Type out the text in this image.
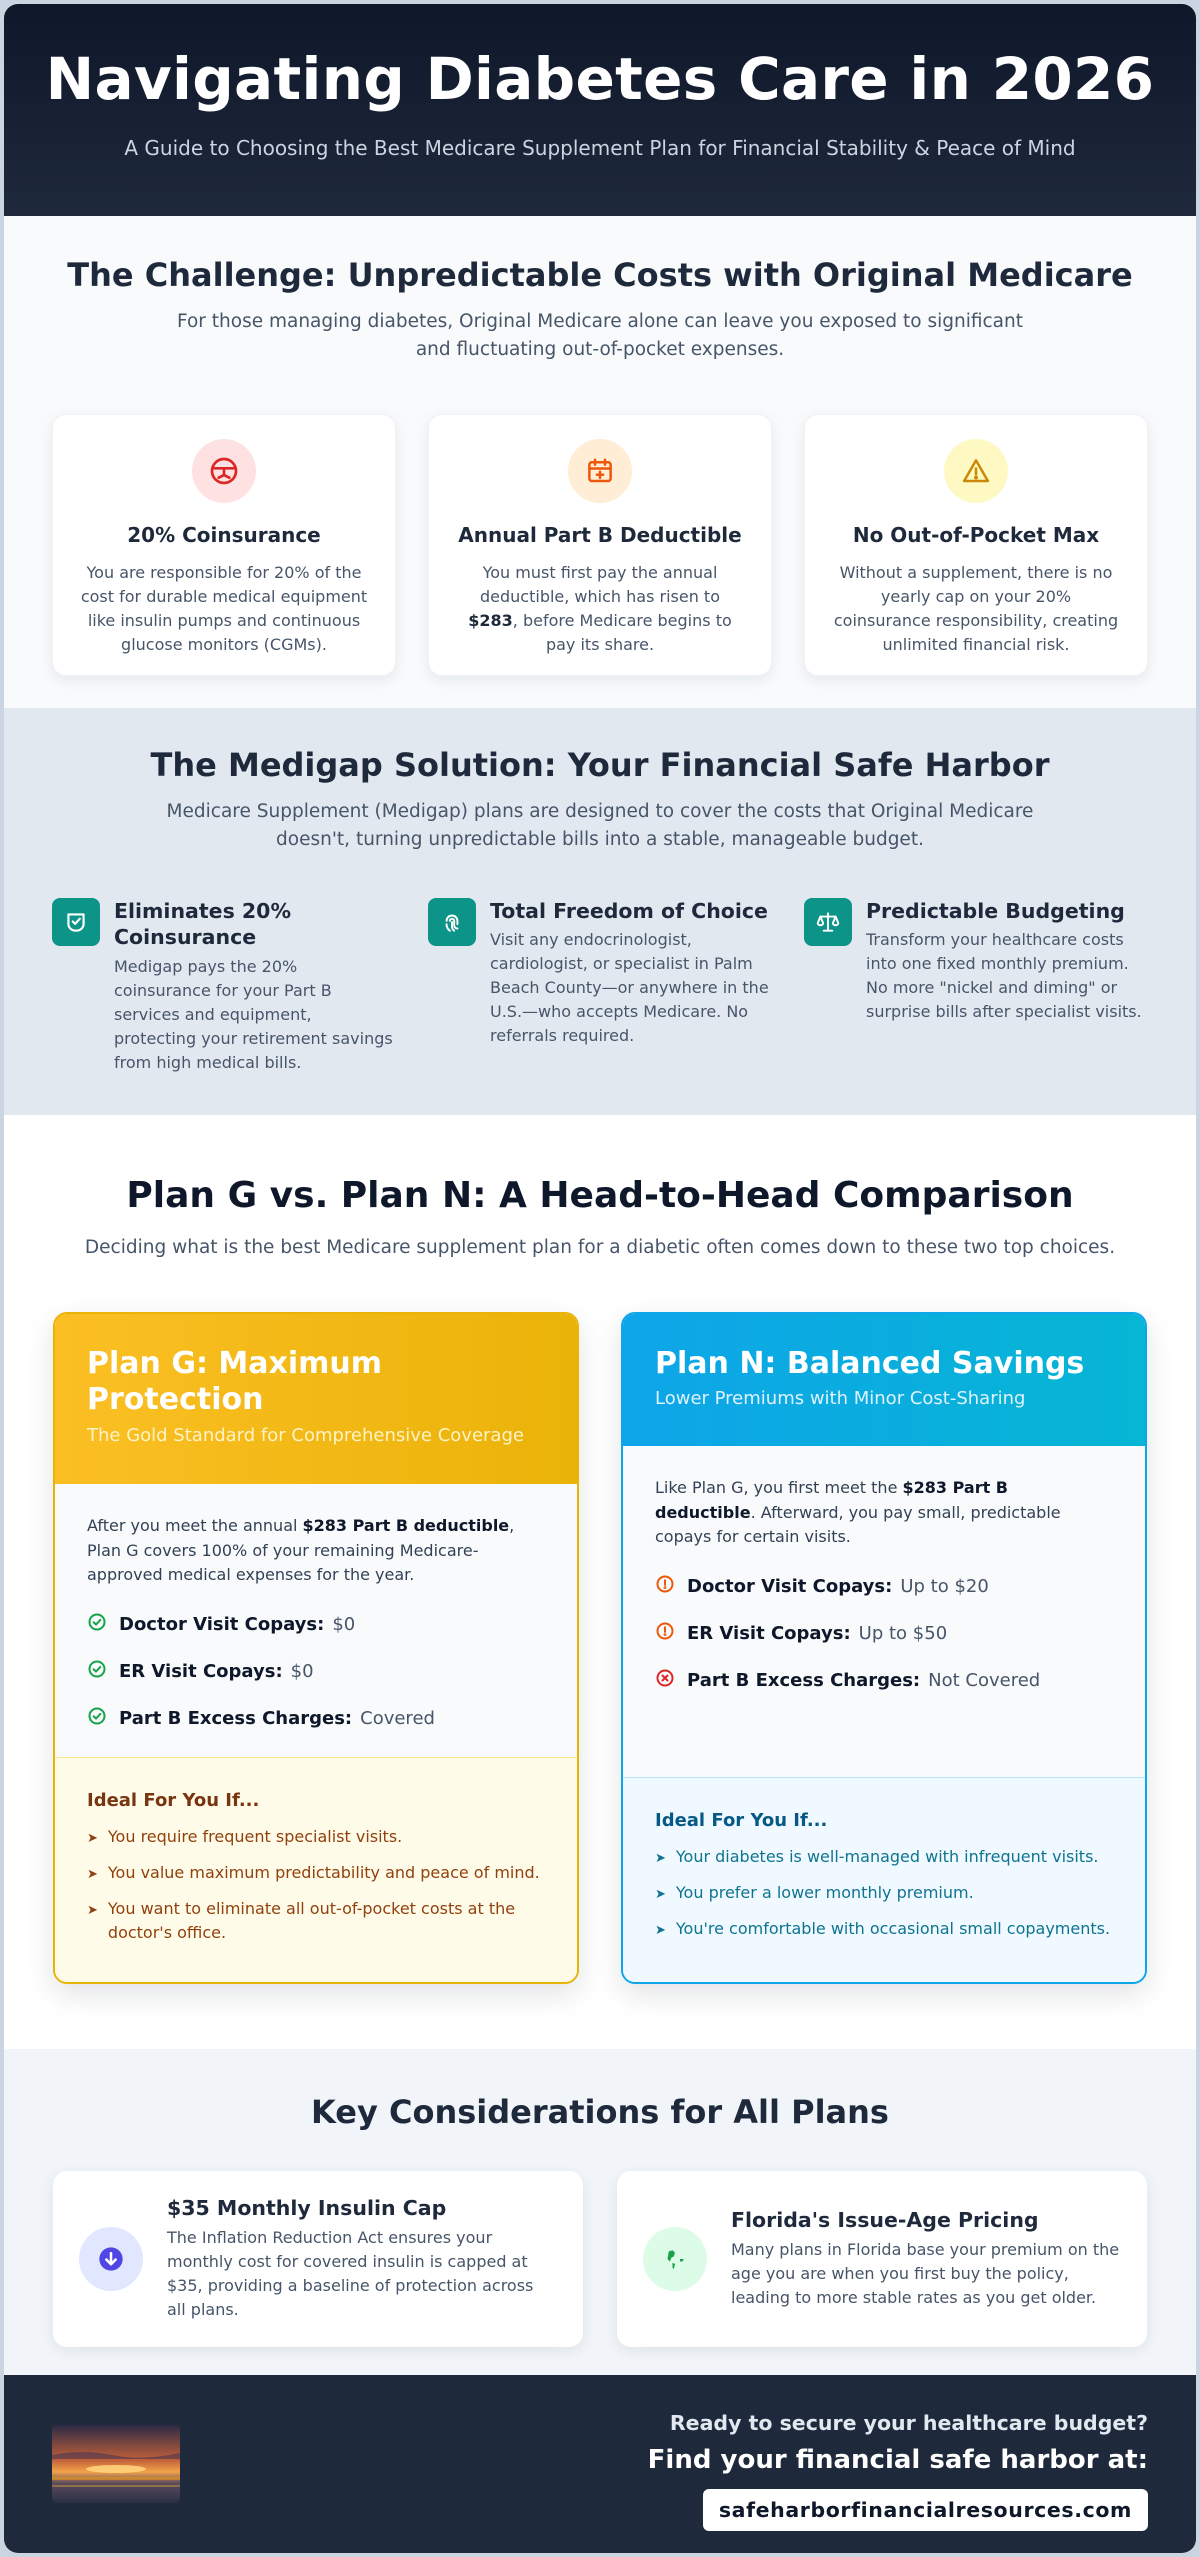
Navigating Diabetes Care in 2026

A Guide to Choosing the Best Medicare Supplement Plan for Financial Stability & Peace of Mind

The Challenge: Unpredictable Costs with Original Medicare

For those managing diabetes, Original Medicare alone can leave you exposed to significant and fluctuating out-of-pocket expenses.

20% Coinsurance

You are responsible for 20% of the cost for durable medical equipment like insulin pumps and continuous glucose monitors (CGMs).

Annual Part B Deductible

You must first pay the annual deductible, which has risen to $283, before Medicare begins to pay its share.

No Out-of-Pocket Max

Without a supplement, there is no yearly cap on your 20% coinsurance responsibility, creating unlimited financial risk.

The Medigap Solution: Your Financial Safe Harbor

Medicare Supplement (Medigap) plans are designed to cover the costs that Original Medicare doesn't, turning unpredictable bills into a stable, manageable budget.

Eliminates 20% Coinsurance

Medigap pays the 20% coinsurance for your Part B services and equipment, protecting your retirement savings from high medical bills.

Total Freedom of Choice

Visit any endocrinologist, cardiologist, or specialist in Palm Beach County—or anywhere in the U.S.—who accepts Medicare. No referrals required.

Predictable Budgeting

Transform your healthcare costs into one fixed monthly premium. No more "nickel and diming" or surprise bills after specialist visits.

Plan G vs. Plan N: A Head-to-Head Comparison

Deciding what is the best Medicare supplement plan for a diabetic often comes down to these two top choices.

Plan G: Maximum Protection
The Gold Standard for Comprehensive Coverage

After you meet the annual $283 Part B deductible, Plan G covers 100% of your remaining Medicare-approved medical expenses for the year.

Doctor Visit Copays: $0
ER Visit Copays: $0
Part B Excess Charges: Covered
Ideal For You If...
➤ You require frequent specialist visits.
➤ You value maximum predictability and peace of mind.
➤ You want to eliminate all out-of-pocket costs at the doctor's office.
Plan N: Balanced Savings
Lower Premiums with Minor Cost-Sharing

Like Plan G, you first meet the $283 Part B deductible. Afterward, you pay small, predictable copays for certain visits.

Doctor Visit Copays: Up to $20
ER Visit Copays: Up to $50
Part B Excess Charges: Not Covered
Ideal For You If...
➤ Your diabetes is well-managed with infrequent visits.
➤ You prefer a lower monthly premium.
➤ You're comfortable with occasional small copayments.
Key Considerations for All Plans
$35 Monthly Insulin Cap

The Inflation Reduction Act ensures your monthly cost for covered insulin is capped at $35, providing a baseline of protection across all plans.

Florida's Issue-Age Pricing

Many plans in Florida base your premium on the age you are when you first buy the policy, leading to more stable rates as you get older.

Ready to secure your healthcare budget?
Find your financial safe harbor at:
safeharborfinancialresources.com
